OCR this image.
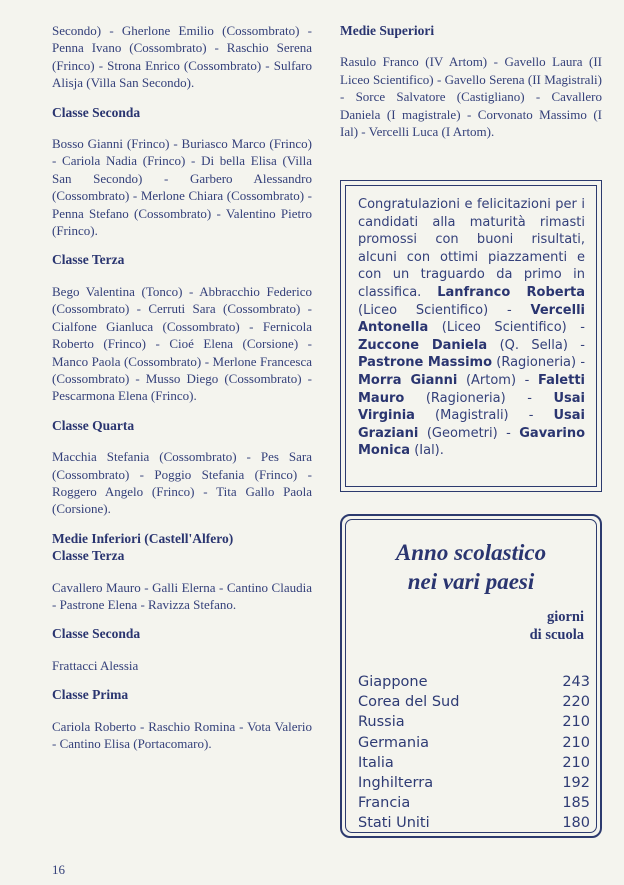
Secondo) - Gherlone Emilio (Cossombrato) - Penna Ivano (Cossombrato) - Raschio Serena (Frinco) - Strona Enrico (Cossombrato) - Sulfaro Alisja (Villa San Secondo).

Classe Seconda

Bosso Gianni (Frinco) - Buriasco Marco (Frinco) - Cariola Nadia (Frinco) - Di bella Elisa (Villa San Secondo) - Garbero Alessandro (Cossombrato) - Merlone Chiara (Cossombrato) - Penna Stefano (Cossombrato) - Valentino Pietro (Frinco).

Classe Terza

Bego Valentina (Tonco) - Abbracchio Federico (Cossombrato) - Cerruti Sara (Cossombrato) - Cialfone Gianluca (Cossombrato) - Fernicola Roberto (Frinco) - Cioé Elena (Corsione) - Manco Paola (Cossombrato) - Merlone Francesca (Cossombrato) - Musso Diego (Cossombrato) - Pescarmona Elena (Frinco).

Classe Quarta

Macchia Stefania (Cossombrato) - Pes Sara (Cossombrato) - Poggio Stefania (Frinco) - Roggero Angelo (Frinco) - Tita Gallo Paola (Corsione).

Medie Inferiori (Castell'Alfero)
Classe Terza

Cavallero Mauro - Galli Elerna - Cantino Claudia - Pastrone Elena - Ravizza Stefano.

Classe Seconda

Frattacci Alessia

Classe Prima

Cariola Roberto - Raschio Romina - Vota Valerio - Cantino Elisa (Portacomaro).

Medie Superiori

Rasulo Franco (IV Artom) - Gavello Laura (II Liceo Scientifico) - Gavello Serena (II Magistrali) - Sorce Salvatore (Castigliano) - Cavallero Daniela (I magistrale) - Corvonato Massimo (I Ial) - Vercelli Luca (I Artom).

Congratulazioni e felicitazioni per i candidati alla maturità rimasti promossi con buoni risultati, alcuni con ottimi piazzamenti e con un traguardo da primo in classifica. Lanfranco Roberta (Liceo Scientifico) - Vercelli Antonella (Liceo Scientifico) - Zuccone Daniela (Q. Sella) - Pastrone Massimo (Ragioneria) - Morra Gianni (Artom) - Faletti Mauro (Ragioneria) - Usai Virginia (Magistrali) - Usai Graziani (Geometri) - Gavarino Monica (Ial).
Anno scolastico
nei vari paesi
giorni
di scuola
Giappone	243
Corea del Sud	220
Russia	210
Germania	210
Italia	210
Inghilterra	192
Francia	185
Stati Uniti	180
16
